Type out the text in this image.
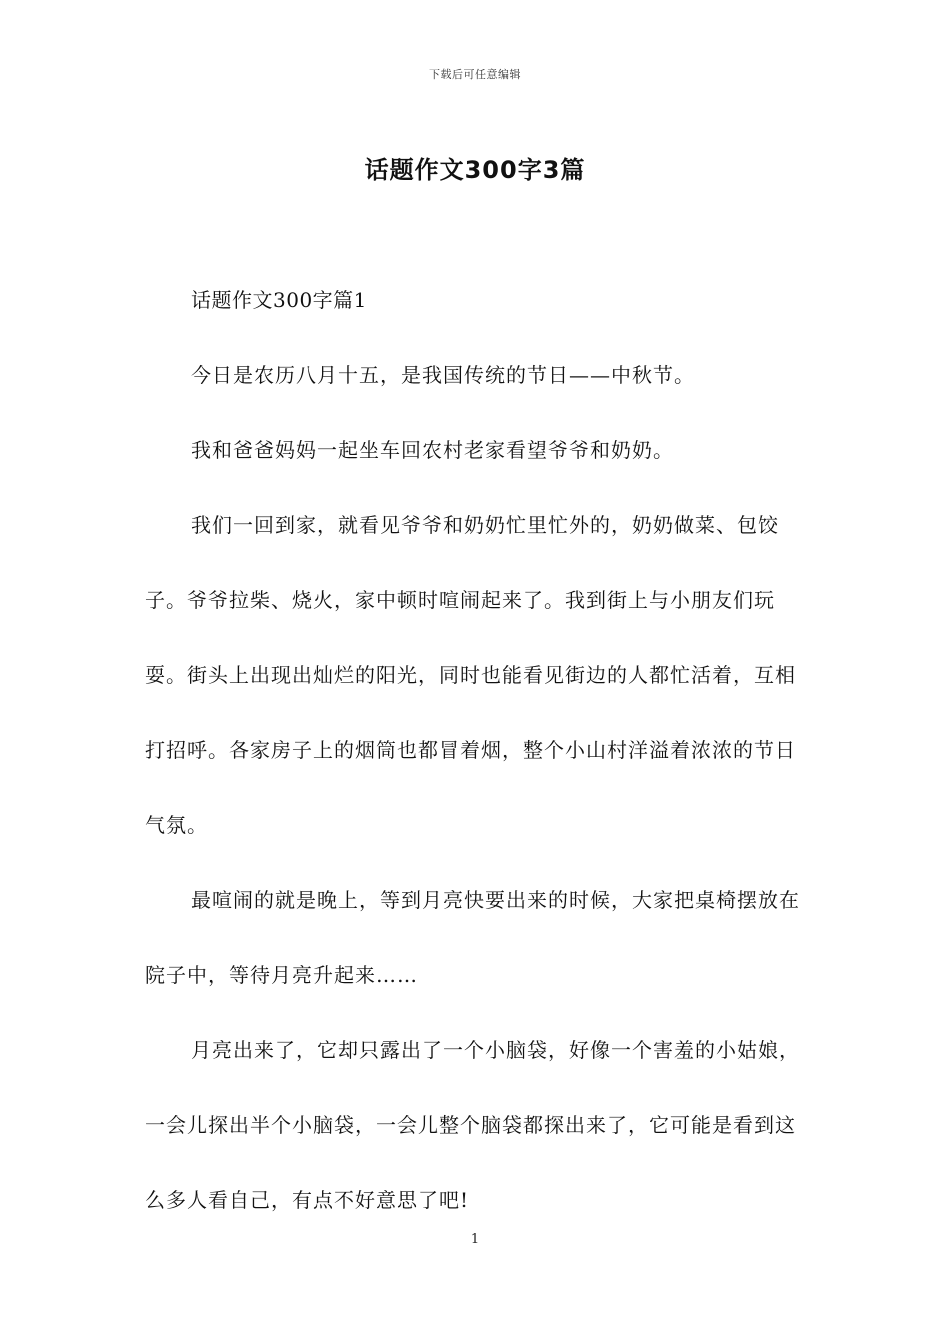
下载后可任意编辑
话题作文300字3篇

话题作文300字篇1

今日是农历八月十五，是我国传统的节日——中秋节。

我和爸爸妈妈一起坐车回农村老家看望爷爷和奶奶。

我们一回到家，就看见爷爷和奶奶忙里忙外的，奶奶做菜、包饺子。爷爷拉柴、烧火，家中顿时喧闹起来了。我到街上与小朋友们玩耍。街头上出现出灿烂的阳光，同时也能看见街边的人都忙活着，互相打招呼。各家房子上的烟筒也都冒着烟，整个小山村洋溢着浓浓的节日气氛。

最喧闹的就是晚上，等到月亮快要出来的时候，大家把桌椅摆放在院子中，等待月亮升起来……

月亮出来了，它却只露出了一个小脑袋，好像一个害羞的小姑娘，一会儿探出半个小脑袋，一会儿整个脑袋都探出来了，它可能是看到这么多人看自己，有点不好意思了吧!

1
